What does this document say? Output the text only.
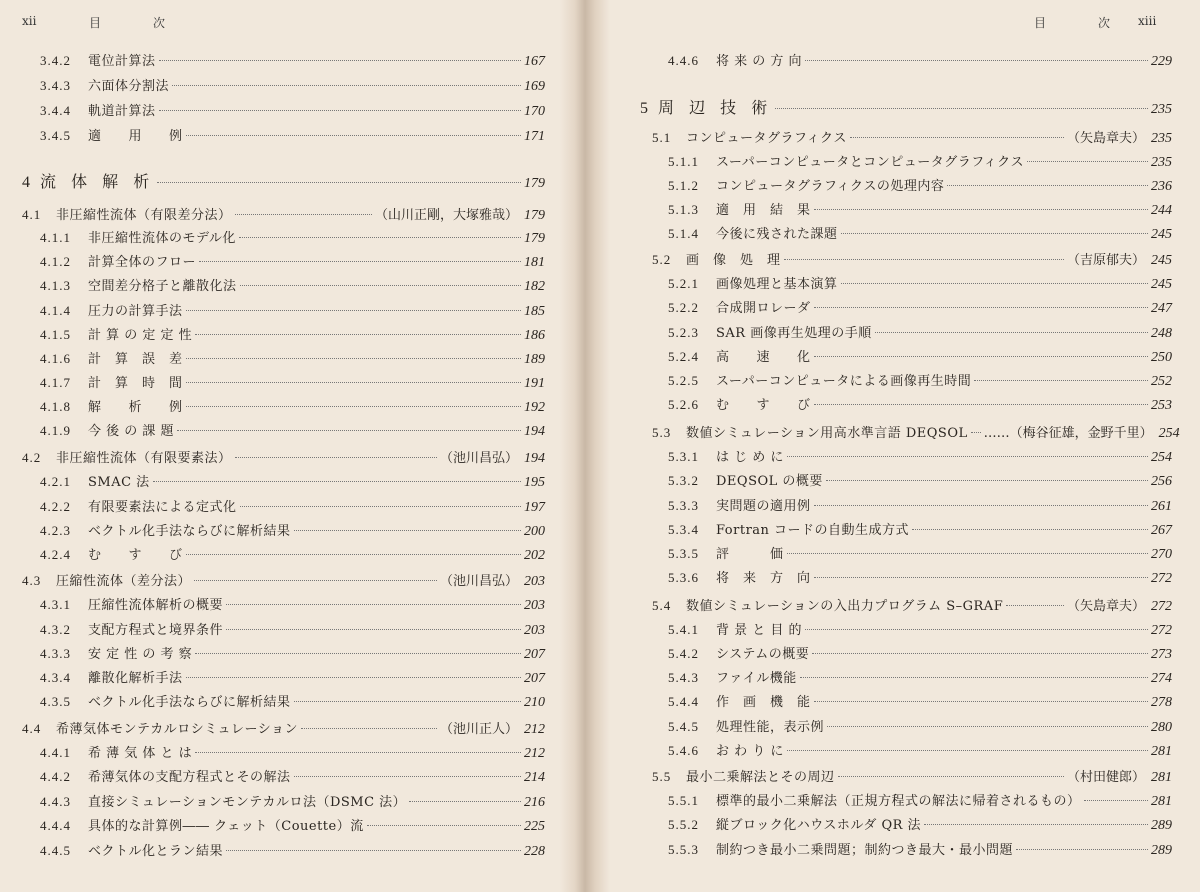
xii	目　次	目　次 xiii
3.4.2	電位計算法	167
3.4.3	六面体分割法	169
3.4.4	軌道計算法	170
3.4.5	適　　用　　例	171
4 流 体 解 析	179
4.1	非圧縮性流体（有限差分法）	（山川正剛，大塚雅哉） 179
4.1.1	非圧縮性流体のモデル化	179
4.1.2	計算全体のフロー	181
4.1.3	空間差分格子と離散化法	182
4.1.4	圧力の計算手法	185
4.1.5	計 算 の 定 定 性	186
4.1.6	計　算　誤　差	189
4.1.7	計　算　時　間	191
4.1.8	解　　析　　例	192
4.1.9	今 後 の 課 題	194
4.2	非圧縮性流体（有限要素法）	（池川昌弘） 194
4.2.1	SMAC 法	195
4.2.2	有限要素法による定式化	197
4.2.3	ベクトル化手法ならびに解析結果	200
4.2.4	む　　す　　び	202
4.3	圧縮性流体（差分法）	（池川昌弘） 203
4.3.1	圧縮性流体解析の概要	203
4.3.2	支配方程式と境界条件	203
4.3.3	安 定 性 の 考 察	207
4.3.4	離散化解析手法	207
4.3.5	ベクトル化手法ならびに解析結果	210
4.4	希薄気体モンテカルロシミュレーション	（池川正人） 212
4.4.1	希 薄 気 体 と は	212
4.4.2	希薄気体の支配方程式とその解法	214
4.4.3	直接シミュレーションモンテカルロ法（DSMC 法）	216
4.4.4	具体的な計算例―― クェット（Couette）流	225
4.4.5	ベクトル化とラン結果	228
4.4.6	将 来 の 方 向	229
5 周 辺 技 術	235
5.1	コンピュータグラフィクス	（矢島章夫） 235
5.1.1	スーパーコンピュータとコンピュータグラフィクス	235
5.1.2	コンピュータグラフィクスの処理内容	236
5.1.3	適　用　結　果	244
5.1.4	今後に残された課題	245
5.2	画　像　処　理	（吉原郁夫） 245
5.2.1	画像処理と基本演算	245
5.2.2	合成開ロレーダ	247
5.2.3	SAR 画像再生処理の手順	248
5.2.4	高　　速　　化	250
5.2.5	スーパーコンピュータによる画像再生時間	252
5.2.6	む　　す　　び	253
5.3	数値シミュレーション用高水準言語 DEQSOL ……（梅谷征雄，金野千里） 254
5.3.1	は じ め に	254
5.3.2	DEQSOL の概要	256
5.3.3	実問題の適用例	261
5.3.4	Fortran コードの自動生成方式	267
5.3.5	評　　　価	270
5.3.6	将　来　方　向	272
5.4	数値シミュレーションの入出力プログラム S–GRAF	（矢島章夫） 272
5.4.1	背 景 と 目 的	272
5.4.2	システムの概要	273
5.4.3	ファイル機能	274
5.4.4	作　画　機　能	278
5.4.5	処理性能，表示例	280
5.4.6	お わ り に	281
5.5	最小二乗解法とその周辺	（村田健郎） 281
5.5.1	標準的最小二乗解法（正規方程式の解法に帰着されるもの）	281
5.5.2	縦ブロック化ハウスホルダ QR 法	289
5.5.3	制約つき最小二乗問題；制約つき最大・最小問題	289
